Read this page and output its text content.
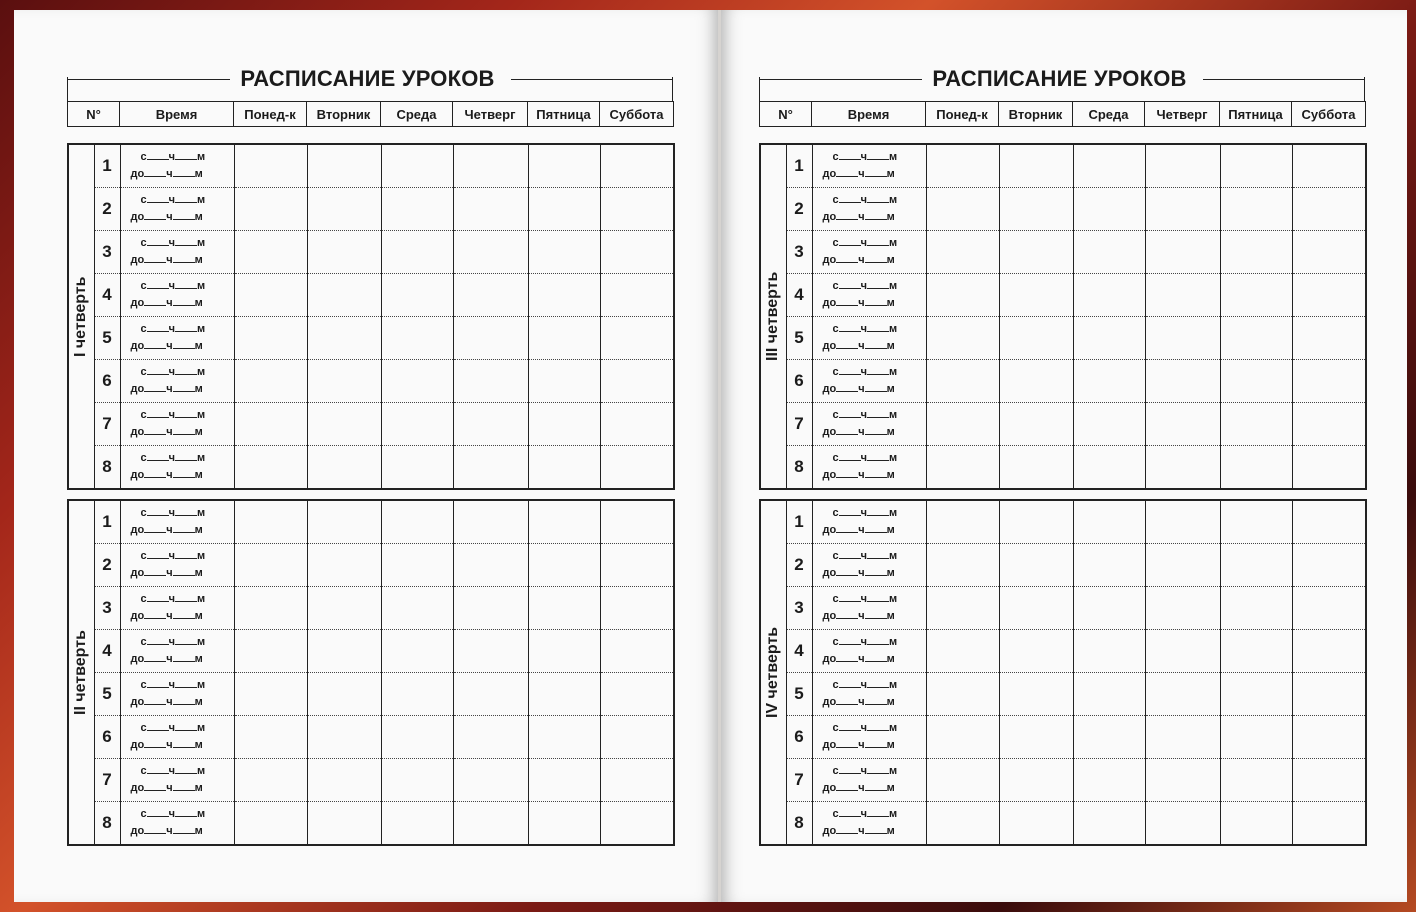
РАСПИСАНИЕ УРОКОВ
N°	Время	Понед-к	Вторник	Среда	Четверг	Пятница	Суббота
I четверть	1	с ч м
до ч м						

	2	с ч м
до ч м						

	3	с ч м
до ч м						

	4	с ч м
до ч м						

	5	с ч м
до ч м						

	6	с ч м
до ч м						

	7	с ч м
до ч м						

	8	с ч м
до ч м						

II четверть	1	с ч м
до ч м						

	2	с ч м
до ч м						

	3	с ч м
до ч м						

	4	с ч м
до ч м						

	5	с ч м
до ч м						

	6	с ч м
до ч м						

	7	с ч м
до ч м						

	8	с ч м
до ч м						

РАСПИСАНИЕ УРОКОВ
N°	Время	Понед-к	Вторник	Среда	Четверг	Пятница	Суббота
III четверть	1	с ч м
до ч м						

	2	с ч м
до ч м						

	3	с ч м
до ч м						

	4	с ч м
до ч м						

	5	с ч м
до ч м						

	6	с ч м
до ч м						

	7	с ч м
до ч м						

	8	с ч м
до ч м						

IV четверть	1	с ч м
до ч м						

	2	с ч м
до ч м						

	3	с ч м
до ч м						

	4	с ч м
до ч м						

	5	с ч м
до ч м						

	6	с ч м
до ч м						

	7	с ч м
до ч м						

	8	с ч м
до ч м						
